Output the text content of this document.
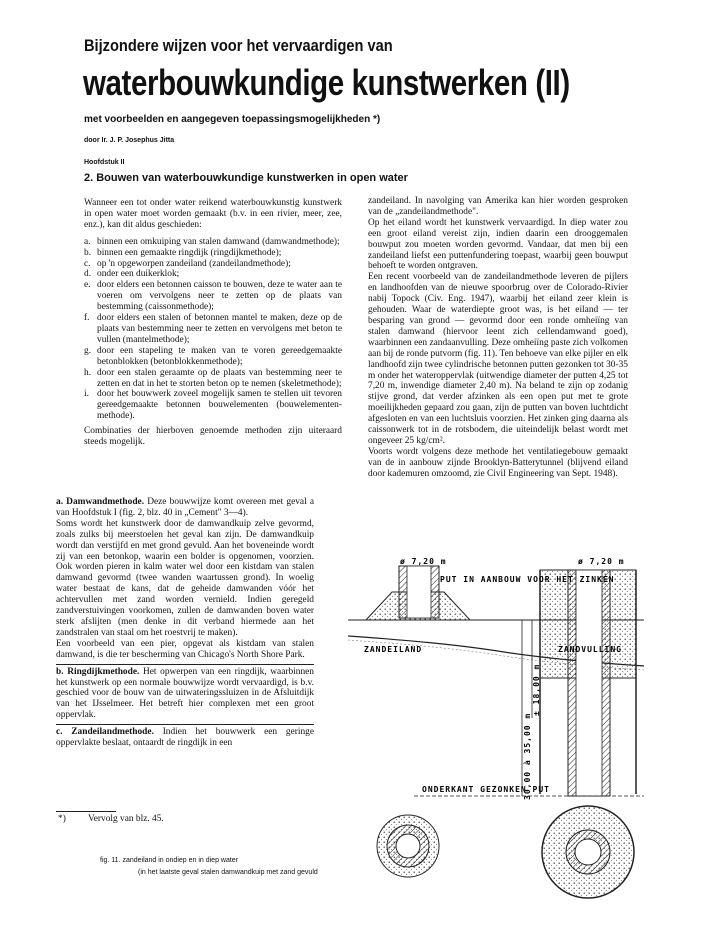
Bijzondere wijzen voor het vervaardigen van
waterbouwkundige kunstwerken (II)
met voorbeelden en aangegeven toepassingsmogelijkheden *)
door Ir. J. P. Josephus Jitta
Hoofdstuk II
2. Bouwen van waterbouwkundige kunstwerken in open water

Wanneer een tot onder water reikend waterbouwkunstig kunstwerk in open water moet worden gemaakt (b.v. in een rivier, meer, zee, enz.), kan dit aldus geschieden:

a. binnen een omkuiping van stalen damwand (damwandmethode);
b. binnen een gemaakte ringdijk (ringdijkmethode);
c. op 'n opgeworpen zandeiland (zandeilandmethode);
d. onder een duikerklok;
e. door elders een betonnen caisson te bouwen, deze te water aan te voeren om vervolgens neer te zetten op de plaats van bestemming (caissonmethode);
f. door elders een stalen of betonnen mantel te maken, deze op de plaats van bestemming neer te zetten en vervolgens met beton te vullen (mantelmethode);
g. door een stapeling te maken van te voren gereedgemaakte betonblokken (betonblokkenmethode);
h. door een stalen geraamte op de plaats van bestemming neer te zetten en dat in het te storten beton op te nemen (skeletmethode);
i. door het bouwwerk zoveel mogelijk samen te stellen uit tevoren gereedgemaakte betonnen bouwelementen (bouwelementen-methode).

Combinaties der hierboven genoemde methoden zijn uiteraard steeds mogelijk.

a. Damwandmethode. Deze bouwwijze komt overeen met geval a van Hoofdstuk I (fig. 2, blz. 40 in „Cement" 3—4).

Soms wordt het kunstwerk door de damwandkuip zelve gevormd, zoals zulks bij meerstoelen het geval kan zijn. De damwandkuip wordt dan verstijfd en met grond gevuld. Aan het boveneinde wordt zij van een betonkop, waarin een bolder is opgenomen, voorzien. Ook worden pieren in kalm water wel door een kistdam van stalen damwand gevormd (twee wanden waartussen grond). In woelig water bestaat de kans, dat de geheide damwanden vóór het achtervullen met zand worden vernield. Indien geregeld zandverstuivingen voorkomen, zullen de damwanden boven water sterk afslijten (men denke in dit verband hiermede aan het zandstralen van staal om het roestvrij te maken).

Een voorbeeld van een pier, opgevat als kistdam van stalen damwand, is die ter bescherming van Chicago's North Shore Park.

b. Ringdijkmethode. Het opwerpen van een ringdijk, waarbinnen het kunstwerk op een normale bouwwijze wordt vervaardigd, is b.v. geschied voor de bouw van de uitwateringssluizen in de Afsluitdijk van het IJsselmeer. Het betreft hier complexen met een groot oppervlak.

c. Zandeilandmethode. Indien het bouwwerk een geringe oppervlakte beslaat, ontaardt de ringdijk in een

zandeiland. In navolging van Amerika kan hier worden gesproken van de „zandeilandmethode".

Op het eiland wordt het kunstwerk vervaardigd. In diep water zou een groot eiland vereist zijn, indien daarin een drooggemalen bouwput zou moeten worden gevormd. Vandaar, dat men bij een zandeiland liefst een puttenfundering toepast, waarbij geen bouwput behoeft te worden ontgraven.

Een recent voorbeeld van de zandeilandmethode leveren de pijlers en landhoofden van de nieuwe spoorbrug over de Colorado-Rivier nabij Topock (Civ. Eng. 1947), waarbij het eiland zeer klein is gehouden. Waar de waterdiepte groot was, is het eiland — ter besparing van grond — gevormd door een ronde omheiïng van stalen damwand (hiervoor leent zich cellendamwand goed), waarbinnen een zandaanvulling. Deze omheiïng paste zich volkomen aan bij de ronde putvorm (fig. 11). Ten behoeve van elke pijler en elk landhoofd zijn twee cylindrische betonnen putten gezonken tot 30-35 m onder het wateroppervlak (uitwendige diameter der putten 4,25 tot 7,20 m, inwendige diameter 2,40 m). Na beland te zijn op zodanig stijve grond, dat verder afzinken als een open put met te grote moeilijkheden gepaard zou gaan, zijn de putten van boven luchtdicht afgesloten en van een luchtsluis voorzien. Het zinken ging daarna als caissonwerk tot in de rotsbodem, die uiteindelijk belast wordt met ongeveer 25 kg/cm².

Voorts wordt volgens deze methode het ventilatiegebouw gemaakt van de in aanbouw zijnde Brooklyn-Batterytunnel (blijvend eiland door kademuren omzoomd, zie Civil Engineering van Sept. 1948).

*) Vervolg van blz. 45.
fig. 11. zandeiland in ondiep en in diep water
(in het laatste geval stalen damwandkuip met zand gevuld
ø 7,20 m
ZANDEILAND
ø 7,20 m
PUT IN AANBOUW VOOR HET ZINKEN
ZANDVULLING
± 18,00 m
30,00 à 35,00 m
ONDERKANT GEZONKEN PUT
